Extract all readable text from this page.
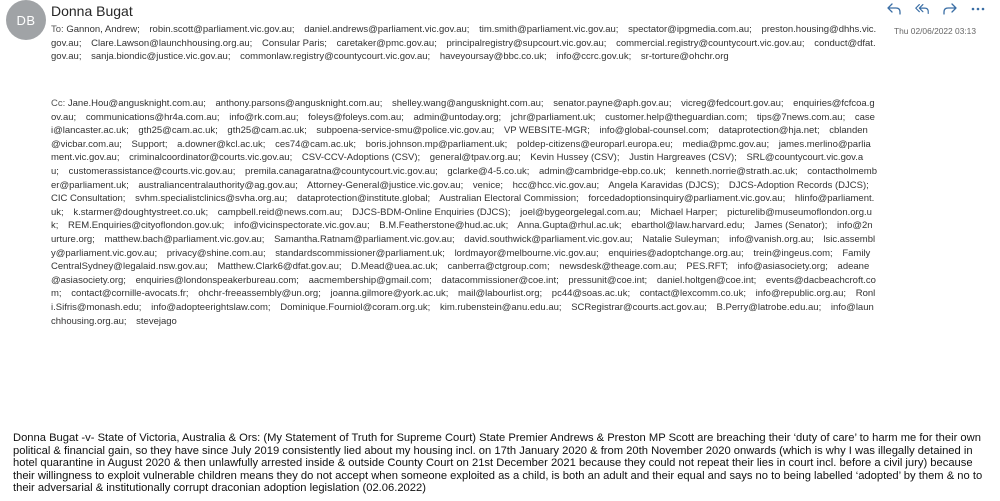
DB
Donna Bugat
Thu 02/06/2022 03:13
To: Gannon, Andrew; robin.scott@parliament.vic.gov.au; daniel.andrews@parliament.vic.gov.au; tim.smith@parliament.vic.gov.au; spectator@ipgmedia.com.au; preston.housing@dhhs.vic.gov.au; Clare.Lawson@launchhousing.org.au; Consular Paris; caretaker@pmc.gov.au; principalregistry@supcourt.vic.gov.au; commercial.registry@countycourt.vic.gov.au; conduct@dfat.gov.au; sanja.biondic@justice.vic.gov.au; commonlaw.registry@countycourt.vic.gov.au; haveyoursay@bbc.co.uk; info@ccrc.gov.uk; sr-torture@ohchr.org
Cc: Jane.Hou@angusknight.com.au; anthony.parsons@angusknight.com.au; shelley.wang@angusknight.com.au; senator.payne@aph.gov.au; vicreg@fedcourt.gov.au; enquiries@fcfcoa.gov.au; communications@hr4a.com.au; info@rk.com.au; foleys@foleys.com.au; admin@untoday.org; jchr@parliament.uk; customer.help@theguardian.com; tips@7news.com.au; casei@lancaster.ac.uk; gth25@cam.ac.uk; gth25@cam.ac.uk; subpoena-service-smu@police.vic.gov.au; VP WEBSITE-MGR; info@global-counsel.com; dataprotection@hja.net; cblanden@vicbar.com.au; Support; a.downer@kcl.ac.uk; ces74@cam.ac.uk; boris.johnson.mp@parliament.uk; poldep-citizens@europarl.europa.eu; media@pmc.gov.au; james.merlino@parliament.vic.gov.au; criminalcoordinator@courts.vic.gov.au; CSV-CCV-Adoptions (CSV); general@tpav.org.au; Kevin Hussey (CSV); Justin Hargreaves (CSV); SRL@countycourt.vic.gov.au; customerassistance@courts.vic.gov.au; premila.canagaratna@countycourt.vic.gov.au; gclarke@4-5.co.uk; admin@cambridge-ebp.co.uk; kenneth.norrie@strath.ac.uk; contactholmember@parliament.uk; australiancentralauthority@ag.gov.au; Attorney-General@justice.vic.gov.au; venice; hcc@hcc.vic.gov.au; Angela Karavidas (DJCS); DJCS-Adoption Records (DJCS); CIC Consultation; svhm.specialistclinics@svha.org.au; dataprotection@institute.global; Australian Electoral Commission; forcedadoptionsinquiry@parliament.vic.gov.au; hlinfo@parliament.uk; k.starmer@doughtystreet.co.uk; campbell.reid@news.com.au; DJCS-BDM-Online Enquiries (DJCS); joel@bygeorgelegal.com.au; Michael Harper; picturelib@museumoflondon.org.uk; REM.Enquiries@cityoflondon.gov.uk; info@vicinspectorate.vic.gov.au; B.M.Featherstone@hud.ac.uk; Anna.Gupta@rhul.ac.uk; ebarthol@law.harvard.edu; James (Senator); info@2nurture.org; matthew.bach@parliament.vic.gov.au; Samantha.Ratnam@parliament.vic.gov.au; david.southwick@parliament.vic.gov.au; Natalie Suleyman; info@vanish.org.au; lsic.assembly@parliament.vic.gov.au; privacy@shine.com.au; standardscommissioner@parliament.uk; lordmayor@melbourne.vic.gov.au; enquiries@adoptchange.org.au; trein@ingeus.com; FamilyCentralSydney@legalaid.nsw.gov.au; Matthew.Clark6@dfat.gov.au; D.Mead@uea.ac.uk; canberra@ctgroup.com; newsdesk@theage.com.au; PES.RFT; info@asiasociety.org; adeane@asiasociety.org; enquiries@londonspeakerbureau.com; aacmembership@gmail.com; datacommissioner@coe.int; pressunit@coe.int; daniel.holtgen@coe.int; events@dacbeachcroft.com; contact@cornille-avocats.fr; ohchr-freeassembly@un.org; joanna.gilmore@york.ac.uk; mail@labourlist.org; pc44@soas.ac.uk; contact@lexcomm.co.uk; info@republic.org.au; Ronli.Sifris@monash.edu; info@adopteerightslaw.com; Dominique.Fourniol@coram.org.uk; kim.rubenstein@anu.edu.au; SCRegistrar@courts.act.gov.au; B.Perry@latrobe.edu.au; info@launchhousing.org.au; stevejago
Donna Bugat -v- State of Victoria, Australia & Ors: (My Statement of Truth for Supreme Court) State Premier Andrews & Preston MP Scott are breaching their ‘duty of care’ to harm me for their own political & financial gain, so they have since July 2019 consistently lied about my housing incl. on 17th January 2020 & from 20th November 2020 onwards (which is why I was illegally detained in hotel quarantine in August 2020 & then unlawfully arrested inside & outside County Court on 21st December 2021 because they could not repeat their lies in court incl. before a civil jury) because their willingness to exploit vulnerable children means they do not accept when someone exploited as a child, is both an adult and their equal and says no to being labelled ‘adopted’ by them & no to their adversarial & institutionally corrupt draconian adoption legislation (02.06.2022)
